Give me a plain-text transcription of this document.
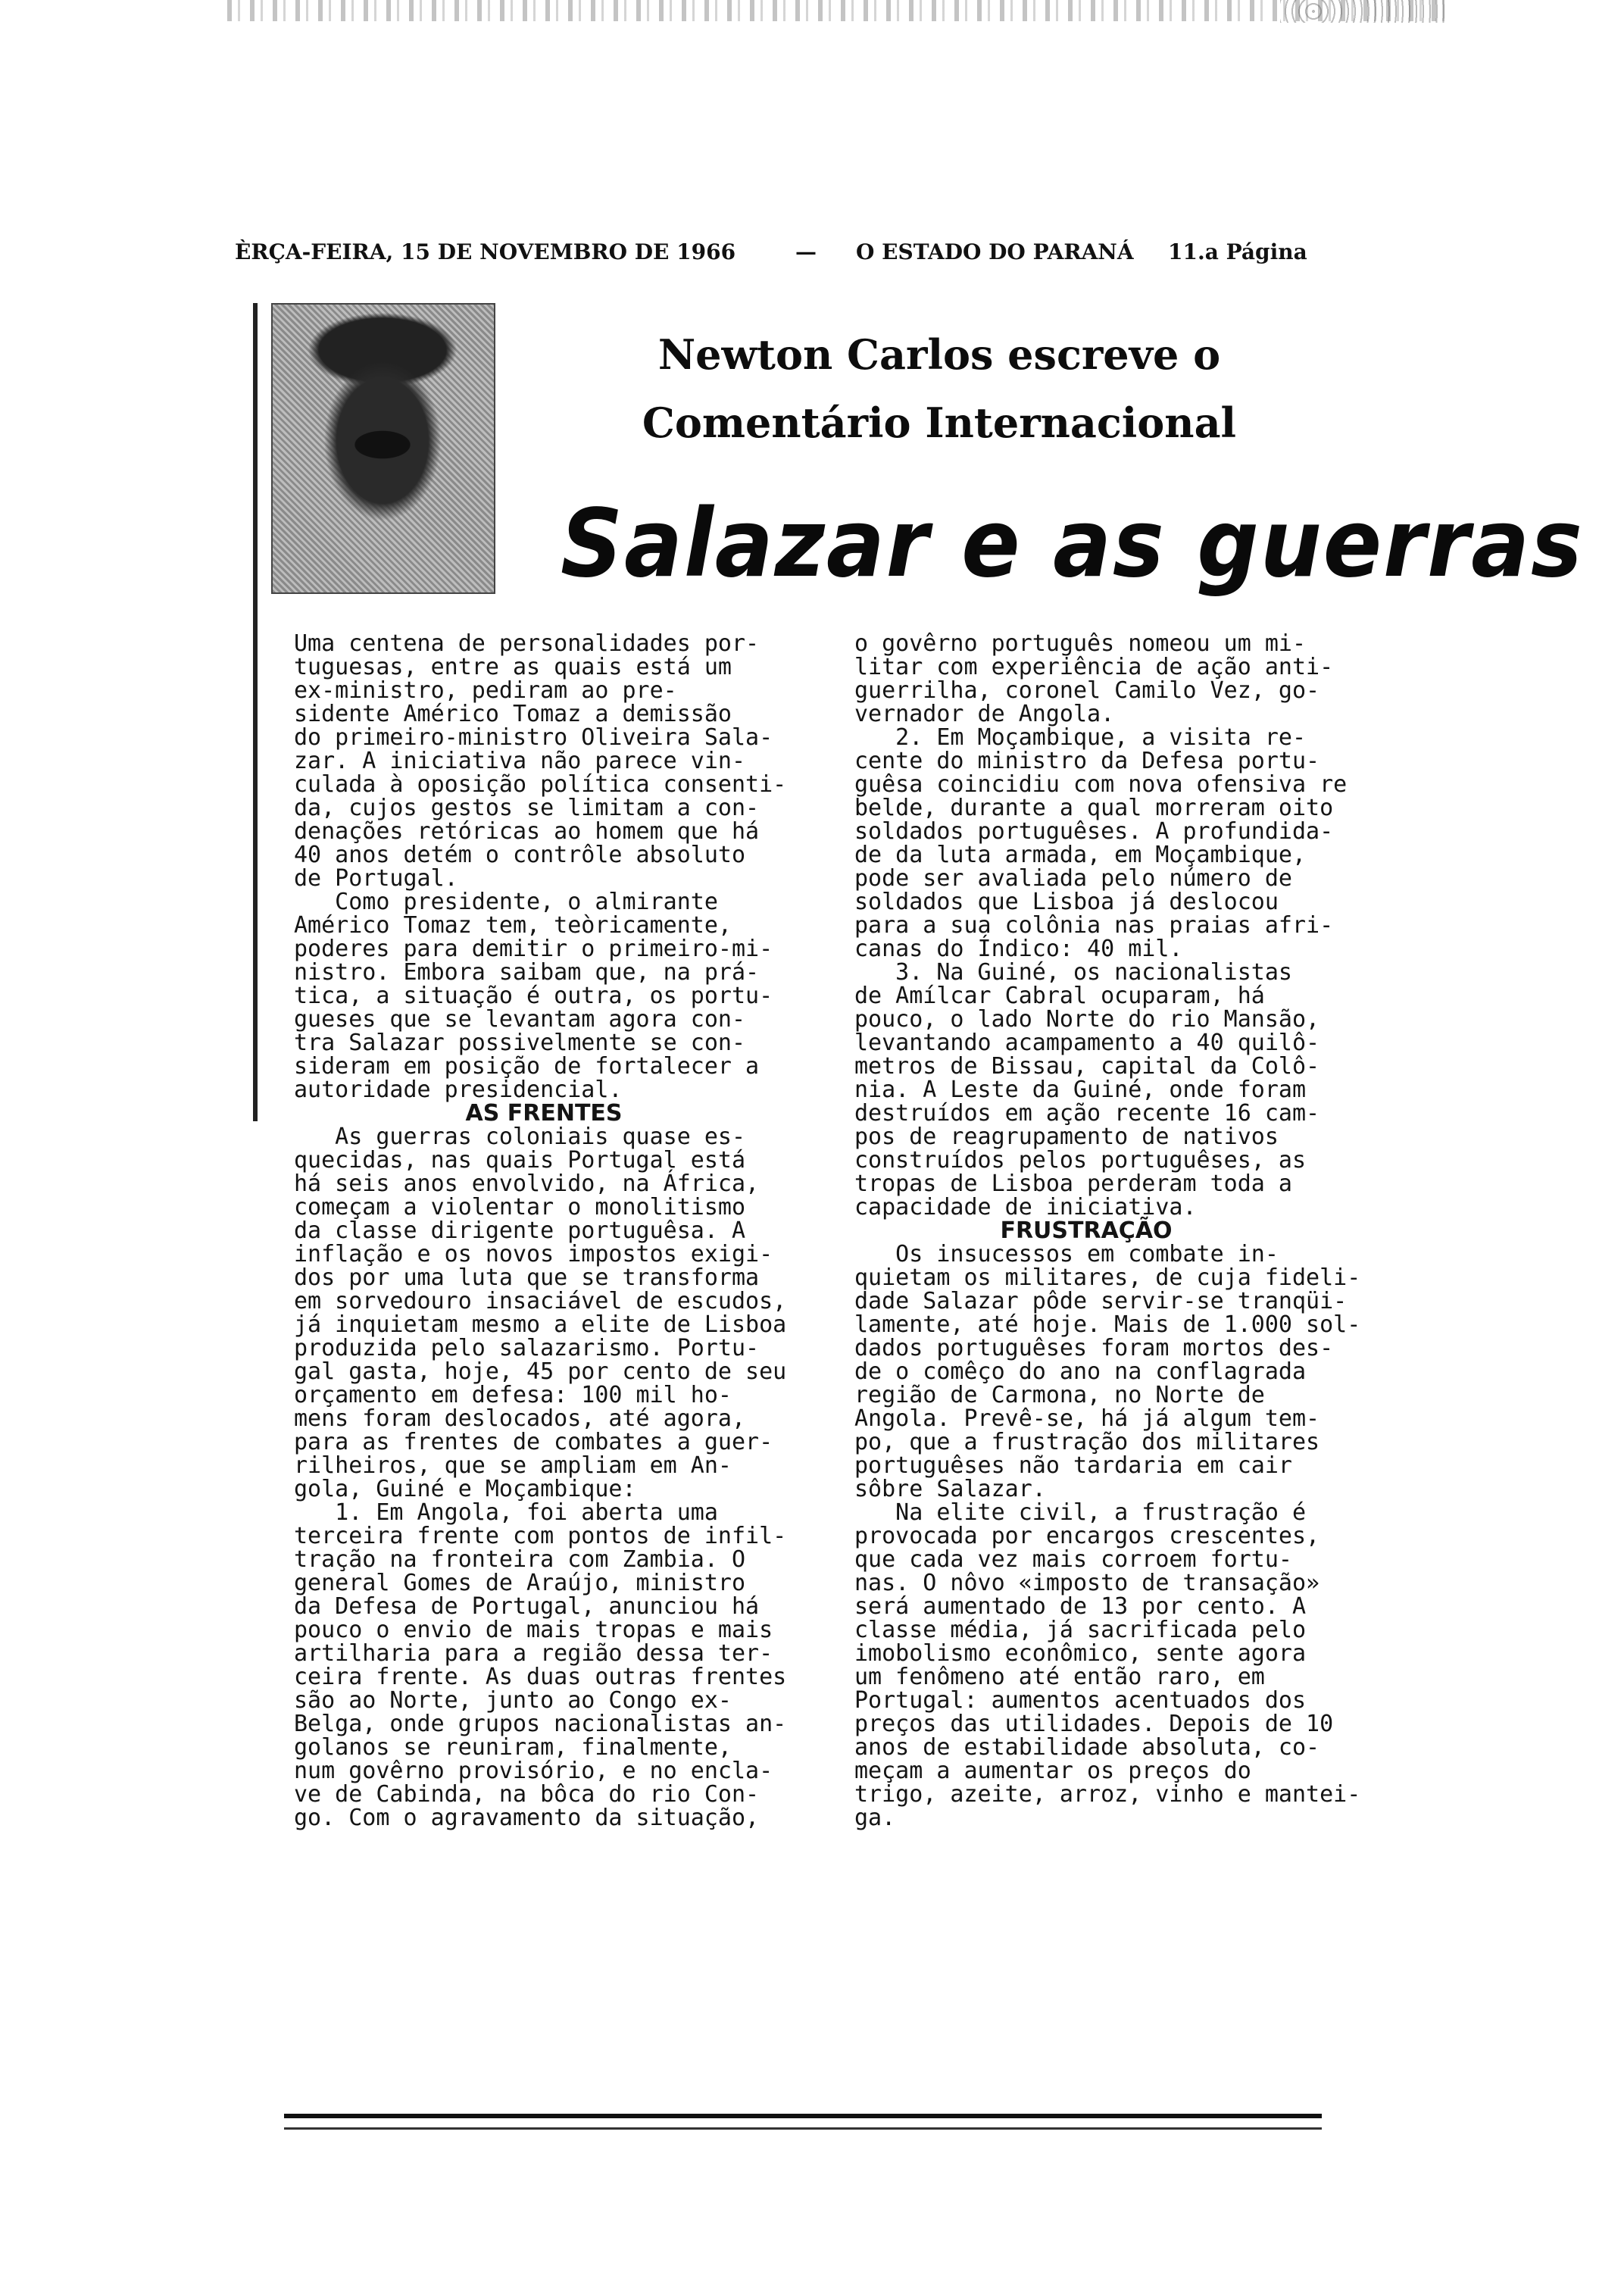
ÈRÇA-FEIRA, 15 DE NOVEMBRO DE 1966	— O ESTADO DO PARANÁ 11.a Página
Newton Carlos escreve o
Comentário Internacional
Salazar e as guerras
Uma centena de personalidades por-
tuguesas, entre as quais está um
ex-ministro, pediram ao pre-
sidente Américo Tomaz a demissão
do primeiro-ministro Oliveira Sala-
zar. A iniciativa não parece vin-
culada à oposição política consenti-
da, cujos gestos se limitam a con-
denações retóricas ao homem que há
40 anos detém o contrôle absoluto
de Portugal.
Como presidente, o almirante
Américo Tomaz tem, teòricamente,
poderes para demitir o primeiro-mi-
nistro. Embora saibam que, na prá-
tica, a situação é outra, os portu-
gueses que se levantam agora con-
tra Salazar possivelmente se con-
sideram em posição de fortalecer a
autoridade presidencial.
AS FRENTES
As guerras coloniais quase es-
quecidas, nas quais Portugal está
há seis anos envolvido, na África,
começam a violentar o monolitismo
da classe dirigente portuguêsa. A
inflação e os novos impostos exigi-
dos por uma luta que se transforma
em sorvedouro insaciável de escudos,
já inquietam mesmo a elite de Lisboa
produzida pelo salazarismo. Portu-
gal gasta, hoje, 45 por cento de seu
orçamento em defesa: 100 mil ho-
mens foram deslocados, até agora,
para as frentes de combates a guer-
rilheiros, que se ampliam em An-
gola, Guiné e Moçambique:
1. Em Angola, foi aberta uma
terceira frente com pontos de infil-
tração na fronteira com Zambia. O
general Gomes de Araújo, ministro
da Defesa de Portugal, anunciou há
pouco o envio de mais tropas e mais
artilharia para a região dessa ter-
ceira frente. As duas outras frentes
são ao Norte, junto ao Congo ex-
Belga, onde grupos nacionalistas an-
golanos se reuniram, finalmente,
num govêrno provisório, e no encla-
ve de Cabinda, na bôca do rio Con-
go. Com o agravamento da situação,
o govêrno português nomeou um mi-
litar com experiência de ação anti-
guerrilha, coronel Camilo Vez, go-
vernador de Angola.
2. Em Moçambique, a visita re-
cente do ministro da Defesa portu-
guêsa coincidiu com nova ofensiva re
belde, durante a qual morreram oito
soldados portuguêses. A profundida-
de da luta armada, em Moçambique,
pode ser avaliada pelo número de
soldados que Lisboa já deslocou
para a sua colônia nas praias afri-
canas do Índico: 40 mil.
3. Na Guiné, os nacionalistas
de Amílcar Cabral ocuparam, há
pouco, o lado Norte do rio Mansão,
levantando acampamento a 40 quilô-
metros de Bissau, capital da Colô-
nia. A Leste da Guiné, onde foram
destruídos em ação recente 16 cam-
pos de reagrupamento de nativos
construídos pelos portuguêses, as
tropas de Lisboa perderam toda a
capacidade de iniciativa.
FRUSTRAÇÃO
Os insucessos em combate in-
quietam os militares, de cuja fideli-
dade Salazar pôde servir-se tranqüi-
lamente, até hoje. Mais de 1.000 sol-
dados portuguêses foram mortos des-
de o comêço do ano na conflagrada
região de Carmona, no Norte de
Angola. Prevê-se, há já algum tem-
po, que a frustração dos militares
portuguêses não tardaria em cair
sôbre Salazar.
Na elite civil, a frustração é
provocada por encargos crescentes,
que cada vez mais corroem fortu-
nas. O nôvo «imposto de transação»
será aumentado de 13 por cento. A
classe média, já sacrificada pelo
imobolismo econômico, sente agora
um fenômeno até então raro, em
Portugal: aumentos acentuados dos
preços das utilidades. Depois de 10
anos de estabilidade absoluta, co-
meçam a aumentar os preços do
trigo, azeite, arroz, vinho e mantei-
ga.
